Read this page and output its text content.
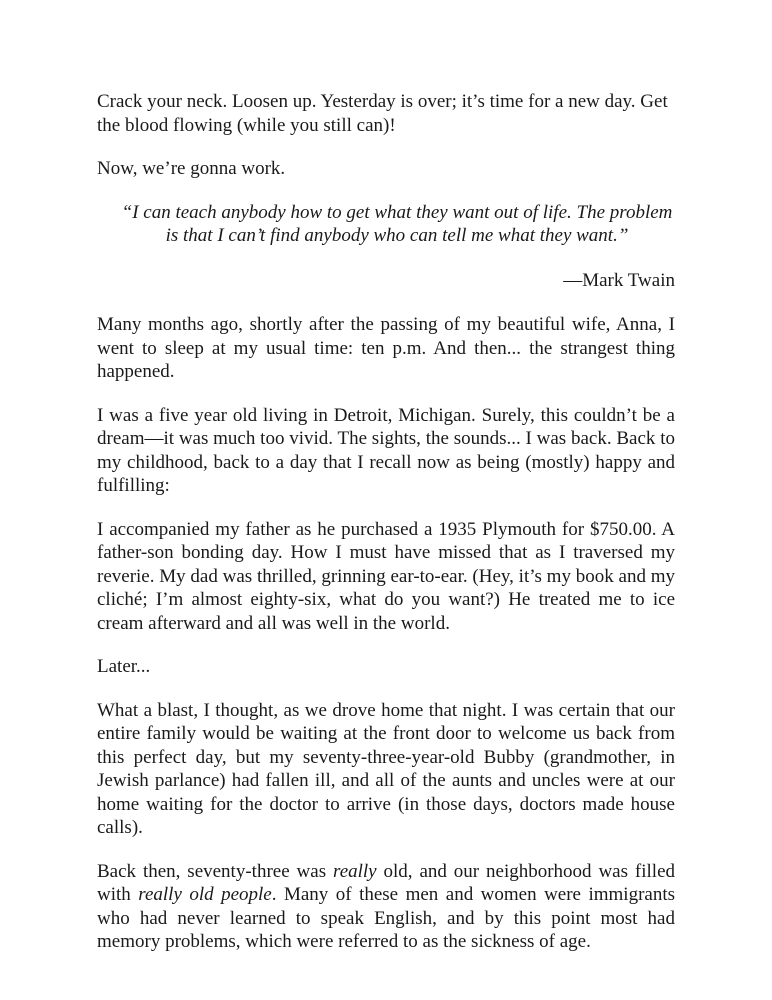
Crack your neck. Loosen up. Yesterday is over; it’s time for a new day. Get the blood flowing (while you still can)!

Now, we’re gonna work.

“I can teach anybody how to get what they want out of life. The problem
is that I can’t find anybody who can tell me what they want.”
—Mark Twain

Many months ago, shortly after the passing of my beautiful wife, Anna, I went to sleep at my usual time: ten p.m. And then... the strangest thing happened.

I was a five year old living in Detroit, Michigan. Surely, this couldn’t be a dream—it was much too vivid. The sights, the sounds... I was back. Back to my childhood, back to a day that I recall now as being (mostly) happy and fulfilling:

I accompanied my father as he purchased a 1935 Plymouth for $750.00. A father-son bonding day. How I must have missed that as I traversed my reverie. My dad was thrilled, grinning ear-to-ear. (Hey, it’s my book and my cliché; I’m almost eighty-six, what do you want?) He treated me to ice cream afterward and all was well in the world.

Later...

What a blast, I thought, as we drove home that night. I was certain that our entire family would be waiting at the front door to welcome us back from this perfect day, but my seventy-three-year-old Bubby (grandmother, in Jewish parlance) had fallen ill, and all of the aunts and uncles were at our home waiting for the doctor to arrive (in those days, doctors made house calls).

Back then, seventy-three was really old, and our neighborhood was filled with really old people. Many of these men and women were immigrants who had never learned to speak English, and by this point most had memory problems, which were referred to as the sickness of age.
